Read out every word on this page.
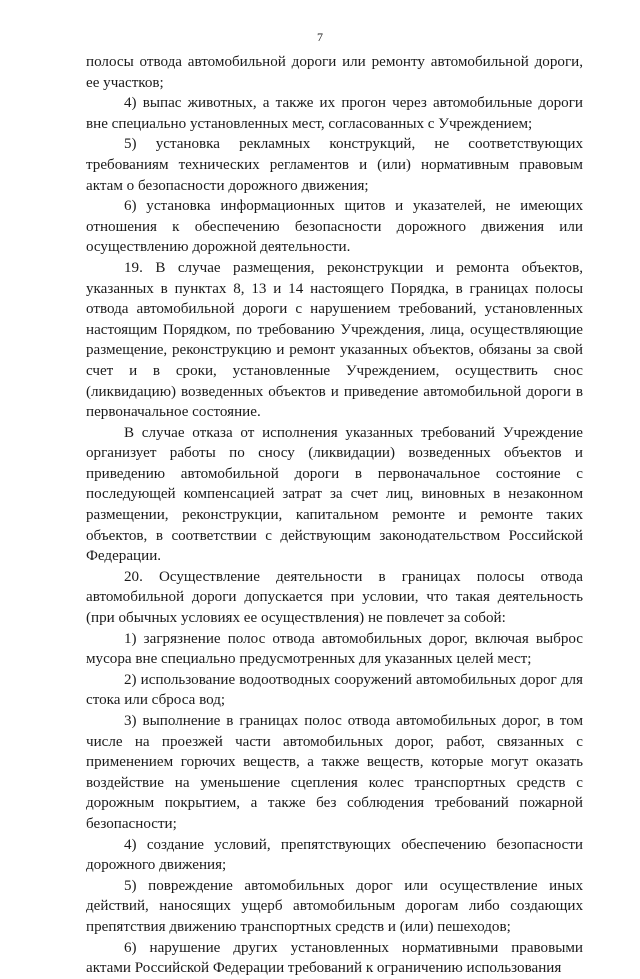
7

полосы отвода автомобильной дороги или ремонту автомобильной дороги, ее участков;

4) выпас животных, а также их прогон через автомобильные дороги вне специально установленных мест, согласованных с Учреждением;

5) установка рекламных конструкций, не соответствующих требованиям технических регламентов и (или) нормативным правовым актам о безопасности дорожного движения;

6) установка информационных щитов и указателей, не имеющих отношения к обеспечению безопасности дорожного движения или осуществлению дорожной деятельности.

19. В случае размещения, реконструкции и ремонта объектов, указанных в пунктах 8, 13 и 14 настоящего Порядка, в границах полосы отвода автомобильной дороги с нарушением требований, установленных настоящим Порядком, по требованию Учреждения, лица, осуществляющие размещение, реконструкцию и ремонт указанных объектов, обязаны за свой счет и в сроки, установленные Учреждением, осуществить снос (ликвидацию) возведенных объектов и приведение автомобильной дороги в первоначальное состояние.

В случае отказа от исполнения указанных требований Учреждение организует работы по сносу (ликвидации) возведенных объектов и приведению автомобильной дороги в первоначальное состояние с последующей компенсацией затрат за счет лиц, виновных в незаконном размещении, реконструкции, капитальном ремонте и ремонте таких объектов, в соответствии с действующим законодательством Российской Федерации.

20. Осуществление деятельности в границах полосы отвода автомобильной дороги допускается при условии, что такая деятельность (при обычных условиях ее осуществления) не повлечет за собой:

1) загрязнение полос отвода автомобильных дорог, включая выброс мусора вне специально предусмотренных для указанных целей мест;

2) использование водоотводных сооружений автомобильных дорог для стока или сброса вод;

3) выполнение в границах полос отвода автомобильных дорог, в том числе на проезжей части автомобильных дорог, работ, связанных с применением горючих веществ, а также веществ, которые могут оказать воздействие на уменьшение сцепления колес транспортных средств с дорожным покрытием, а также без соблюдения требований пожарной безопасности;

4) создание условий, препятствующих обеспечению безопасности дорожного движения;

5) повреждение автомобильных дорог или осуществление иных действий, наносящих ущерб автомобильным дорогам либо создающих препятствия движению транспортных средств и (или) пешеходов;

6) нарушение других установленных нормативными правовыми актами Российской Федерации требований к ограничению использования
